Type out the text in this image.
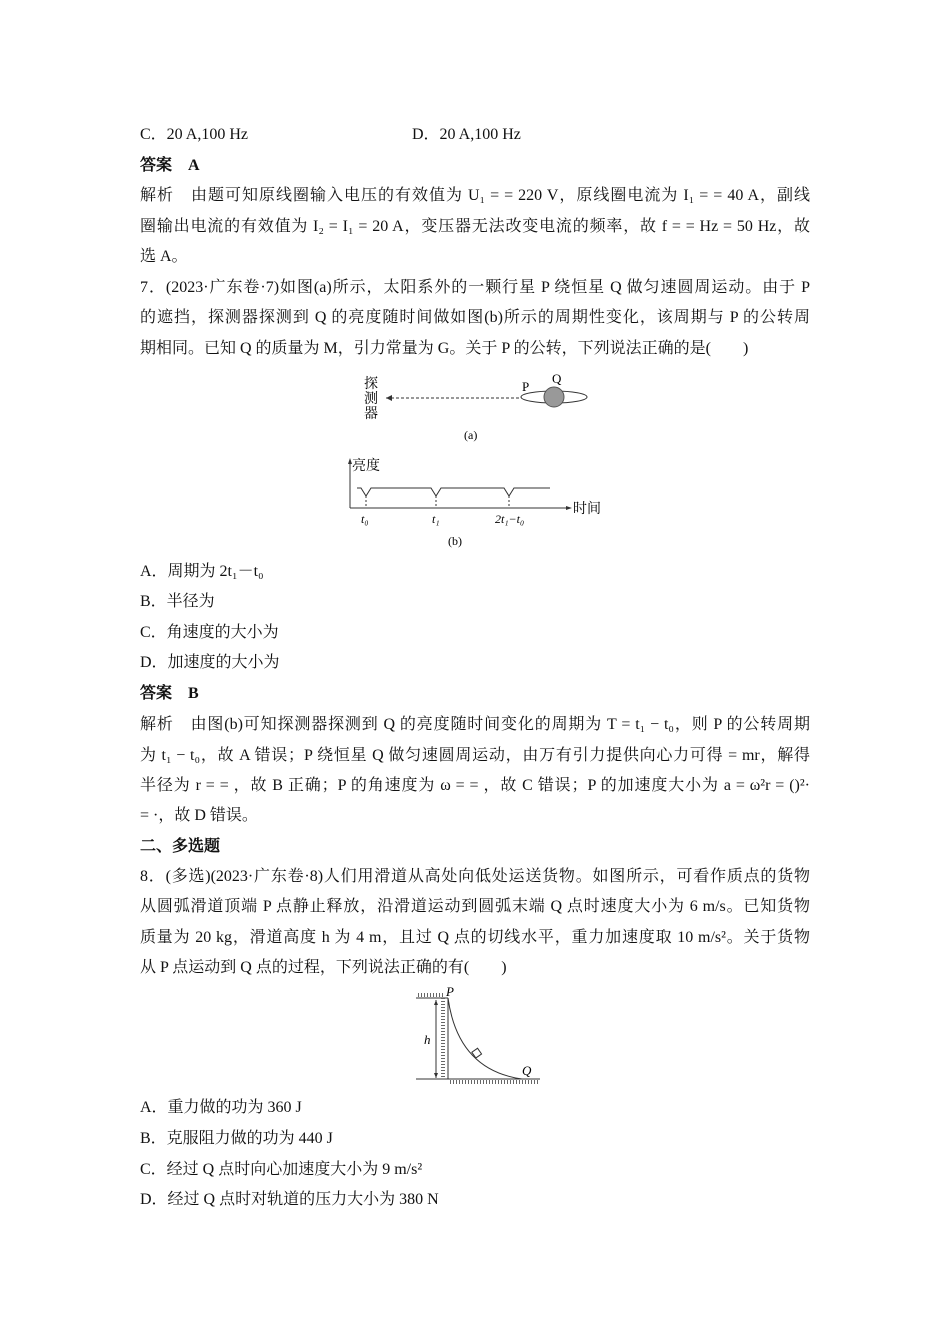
C．20 A,100 Hz	D．20 A,100 Hz
答案　A
解析　由题可知原线圈输入电压的有效值为 U₁ = = 220 V，原线圈电流为 I₁ = = 40 A，副线
圈输出电流的有效值为 I₂ = I₁ = 20 A，变压器无法改变电流的频率，故 f = = Hz = 50 Hz，故
选 A。
7．(2023·广东卷·7)如图(a)所示，太阳系外的一颗行星 P 绕恒星 Q 做匀速圆周运动。由于 P
的遮挡，探测器探测到 Q 的亮度随时间做如图(b)所示的周期性变化，该周期与 P 的公转周
期相同。已知 Q 的质量为 M，引力常量为 G。关于 P 的公转，下列说法正确的是(　　)
探
测
器
P
Q
(a)
亮度
时间
t₀	t₁	2t₁−t₀
(b)
A．周期为 2t₁－t₀
B．半径为
C．角速度的大小为
D．加速度的大小为
答案　B
解析　由图(b)可知探测器探测到 Q 的亮度随时间变化的周期为 T = t₁ − t₀，则 P 的公转周期
为 t₁ − t₀，故 A 错误；P 绕恒星 Q 做匀速圆周运动，由万有引力提供向心力可得 = mr，解得
半径为 r = = ，故 B 正确；P 的角速度为 ω = = ，故 C 错误；P 的加速度大小为 a = ω²r = ()²·
= ·，故 D 错误。
二、多选题
8．(多选)(2023·广东卷·8)人们用滑道从高处向低处运送货物。如图所示，可看作质点的货物
从圆弧滑道顶端 P 点静止释放，沿滑道运动到圆弧末端 Q 点时速度大小为 6 m/s。已知货物
质量为 20 kg，滑道高度 h 为 4 m，且过 Q 点的切线水平，重力加速度取 10 m/s²。关于货物
从 P 点运动到 Q 点的过程，下列说法正确的有(　　)
h
P
Q
A．重力做的功为 360 J
B．克服阻力做的功为 440 J
C．经过 Q 点时向心加速度大小为 9 m/s²
D．经过 Q 点时对轨道的压力大小为 380 N
